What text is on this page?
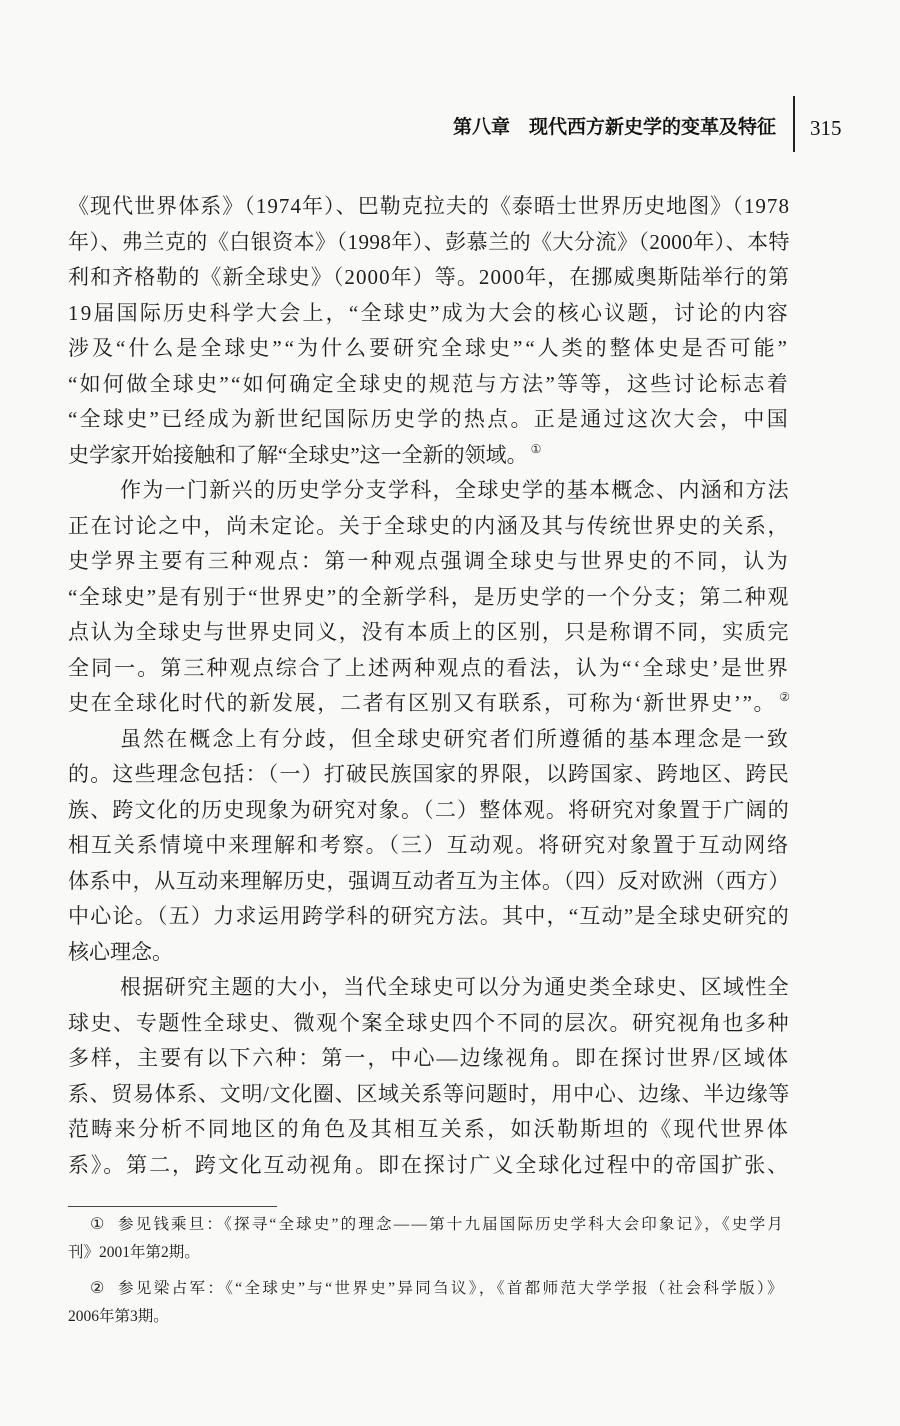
第八章　现代西方新史学的变革及特征 315
《现代世界体系》（1974年）、巴勒克拉夫的《泰晤士世界历史地图》（1978
年）、弗兰克的《白银资本》（1998年）、彭慕兰的《大分流》（2000年）、本特
利和齐格勒的《新全球史》（2000年）等。2000年，在挪威奥斯陆举行的第
19届国际历史科学大会上，“全球史”成为大会的核心议题，讨论的内容
涉及“什么是全球史”“为什么要研究全球史”“人类的整体史是否可能”
“如何做全球史”“如何确定全球史的规范与方法”等等，这些讨论标志着
“全球史”已经成为新世纪国际历史学的热点。正是通过这次大会，中国
史学家开始接触和了解“全球史”这一全新的领域。 ①
作为一门新兴的历史学分支学科，全球史学的基本概念、内涵和方法
正在讨论之中，尚未定论。关于全球史的内涵及其与传统世界史的关系，
史学界主要有三种观点：第一种观点强调全球史与世界史的不同，认为
“全球史”是有别于“世界史”的全新学科，是历史学的一个分支；第二种观
点认为全球史与世界史同义，没有本质上的区别，只是称谓不同，实质完
全同一。第三种观点综合了上述两种观点的看法，认为“‘全球史’是世界
史在全球化时代的新发展，二者有区别又有联系，可称为‘新世界史’”。 ②
虽然在概念上有分歧，但全球史研究者们所遵循的基本理念是一致
的。这些理念包括：（一）打破民族国家的界限，以跨国家、跨地区、跨民
族、跨文化的历史现象为研究对象。（二）整体观。将研究对象置于广阔的
相互关系情境中来理解和考察。（三）互动观。将研究对象置于互动网络
体系中，从互动来理解历史，强调互动者互为主体。（四）反对欧洲（西方）
中心论。（五）力求运用跨学科的研究方法。其中，“互动”是全球史研究的
核心理念。
根据研究主题的大小，当代全球史可以分为通史类全球史、区域性全
球史、专题性全球史、微观个案全球史四个不同的层次。研究视角也多种
多样，主要有以下六种：第一，中心—边缘视角。即在探讨世界/区域体
系、贸易体系、文明/文化圈、区域关系等问题时，用中心、边缘、半边缘等
范畴来分析不同地区的角色及其相互关系，如沃勒斯坦的《现代世界体
系》。第二，跨文化互动视角。即在探讨广义全球化过程中的帝国扩张、
① 参见钱乘旦：《探寻“全球史”的理念——第十九届国际历史学科大会印象记》，《史学月
刊》2001年第2期。
② 参见梁占军：《“全球史”与“世界史”异同刍议》，《首都师范大学学报（社会科学版）》
2006年第3期。
